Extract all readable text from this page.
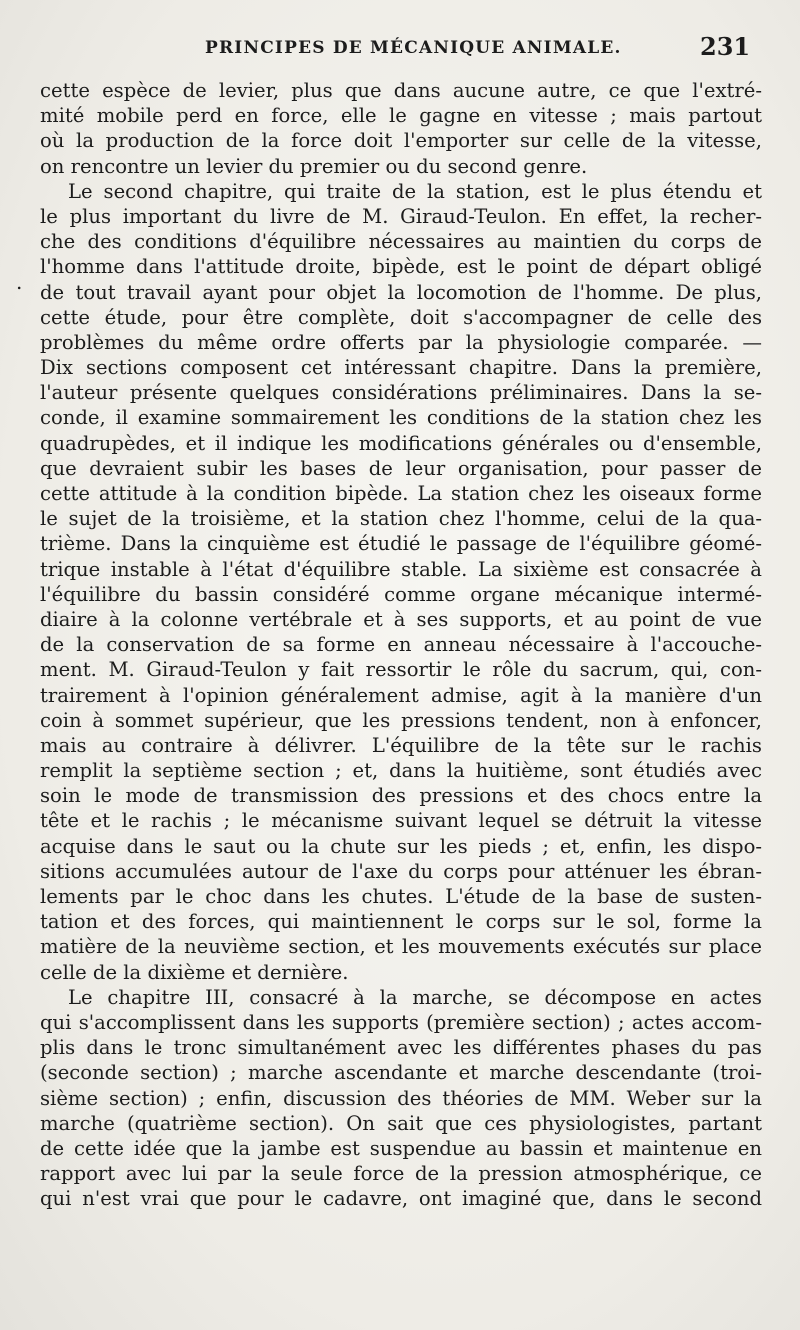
PRINCIPES DE MÉCANIQUE ANIMALE.	231
.
cette espèce de levier, plus que dans aucune autre, ce que l'extré-
mité mobile perd en force, elle le gagne en vitesse ; mais partout
où la production de la force doit l'emporter sur celle de la vitesse,
on rencontre un levier du premier ou du second genre.
Le second chapitre, qui traite de la station, est le plus étendu et
le plus important du livre de M. Giraud-Teulon. En effet, la recher-
che des conditions d'équilibre nécessaires au maintien du corps de
l'homme dans l'attitude droite, bipède, est le point de départ obligé
de tout travail ayant pour objet la locomotion de l'homme. De plus,
cette étude, pour être complète, doit s'accompagner de celle des
problèmes du même ordre offerts par la physiologie comparée. —
Dix sections composent cet intéressant chapitre. Dans la première,
l'auteur présente quelques considérations préliminaires. Dans la se-
conde, il examine sommairement les conditions de la station chez les
quadrupèdes, et il indique les modifications générales ou d'ensemble,
que devraient subir les bases de leur organisation, pour passer de
cette attitude à la condition bipède. La station chez les oiseaux forme
le sujet de la troisième, et la station chez l'homme, celui de la qua-
trième. Dans la cinquième est étudié le passage de l'équilibre géomé-
trique instable à l'état d'équilibre stable. La sixième est consacrée à
l'équilibre du bassin considéré comme organe mécanique intermé-
diaire à la colonne vertébrale et à ses supports, et au point de vue
de la conservation de sa forme en anneau nécessaire à l'accouche-
ment. M. Giraud-Teulon y fait ressortir le rôle du sacrum, qui, con-
trairement à l'opinion généralement admise, agit à la manière d'un
coin à sommet supérieur, que les pressions tendent, non à enfoncer,
mais au contraire à délivrer. L'équilibre de la tête sur le rachis
remplit la septième section ; et, dans la huitième, sont étudiés avec
soin le mode de transmission des pressions et des chocs entre la
tête et le rachis ; le mécanisme suivant lequel se détruit la vitesse
acquise dans le saut ou la chute sur les pieds ; et, enfin, les dispo-
sitions accumulées autour de l'axe du corps pour atténuer les ébran-
lements par le choc dans les chutes. L'étude de la base de susten-
tation et des forces, qui maintiennent le corps sur le sol, forme la
matière de la neuvième section, et les mouvements exécutés sur place
celle de la dixième et dernière.
Le chapitre III, consacré à la marche, se décompose en actes
qui s'accomplissent dans les supports (première section) ; actes accom-
plis dans le tronc simultanément avec les différentes phases du pas
(seconde section) ; marche ascendante et marche descendante (troi-
sième section) ; enfin, discussion des théories de MM. Weber sur la
marche (quatrième section). On sait que ces physiologistes, partant
de cette idée que la jambe est suspendue au bassin et maintenue en
rapport avec lui par la seule force de la pression atmosphérique, ce
qui n'est vrai que pour le cadavre, ont imaginé que, dans le second
